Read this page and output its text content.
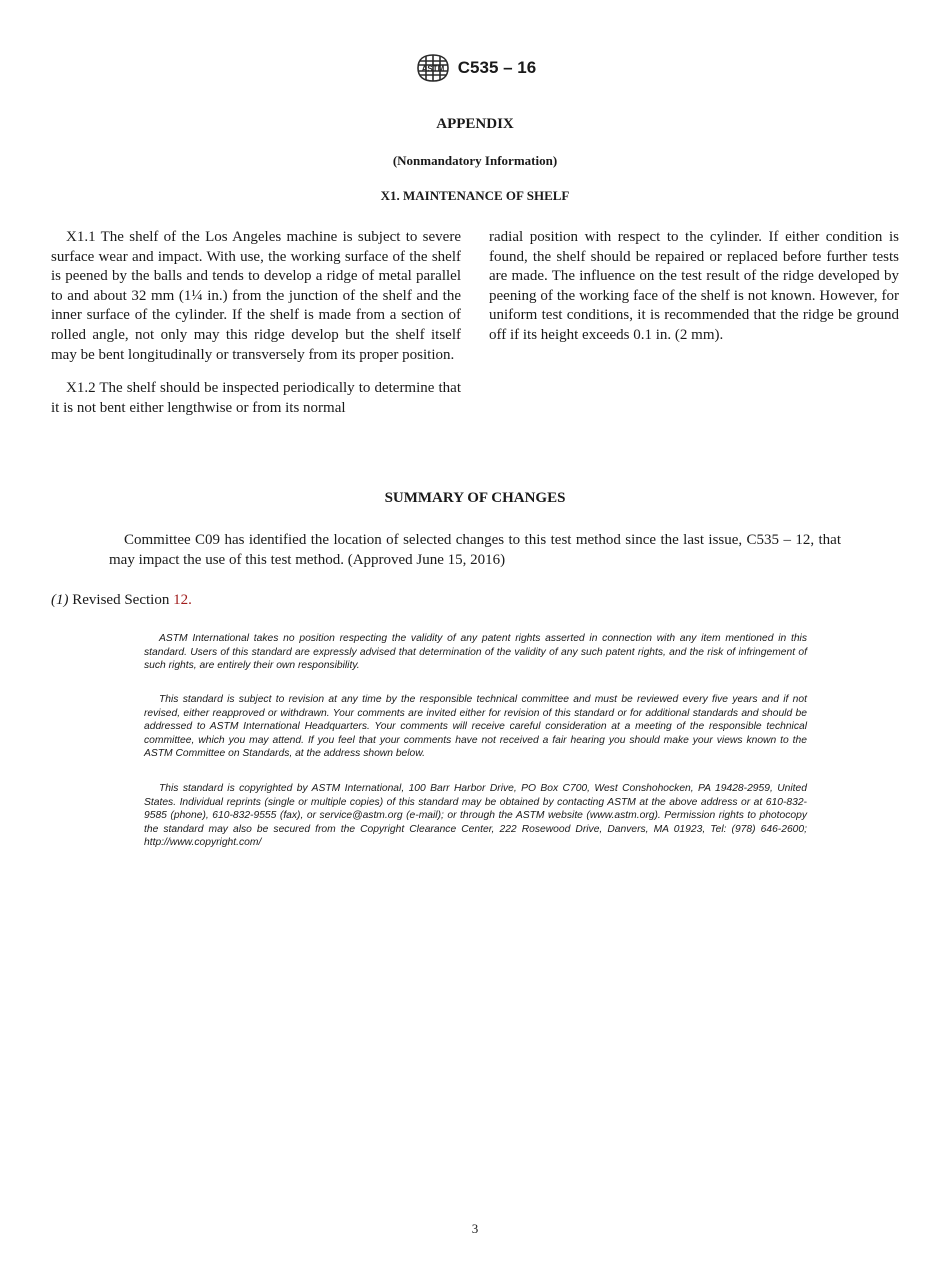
ASTM C535 – 16
APPENDIX
(Nonmandatory Information)
X1. MAINTENANCE OF SHELF

X1.1 The shelf of the Los Angeles machine is subject to severe surface wear and impact. With use, the working surface of the shelf is peened by the balls and tends to develop a ridge of metal parallel to and about 32 mm (1¼ in.) from the junction of the shelf and the inner surface of the cylinder. If the shelf is made from a section of rolled angle, not only may this ridge develop but the shelf itself may be bent longitudinally or transversely from its proper position.

X1.2 The shelf should be inspected periodically to determine that it is not bent either lengthwise or from its normal

radial position with respect to the cylinder. If either condition is found, the shelf should be repaired or replaced before further tests are made. The influence on the test result of the ridge developed by peening of the working face of the shelf is not known. However, for uniform test conditions, it is recommended that the ridge be ground off if its height exceeds 0.1 in. (2 mm).

SUMMARY OF CHANGES
Committee C09 has identified the location of selected changes to this test method since the last issue, C535 – 12, that may impact the use of this test method. (Approved June 15, 2016)
(1) Revised Section 12.
ASTM International takes no position respecting the validity of any patent rights asserted in connection with any item mentioned in this standard. Users of this standard are expressly advised that determination of the validity of any such patent rights, and the risk of infringement of such rights, are entirely their own responsibility.
This standard is subject to revision at any time by the responsible technical committee and must be reviewed every five years and if not revised, either reapproved or withdrawn. Your comments are invited either for revision of this standard or for additional standards and should be addressed to ASTM International Headquarters. Your comments will receive careful consideration at a meeting of the responsible technical committee, which you may attend. If you feel that your comments have not received a fair hearing you should make your views known to the ASTM Committee on Standards, at the address shown below.
This standard is copyrighted by ASTM International, 100 Barr Harbor Drive, PO Box C700, West Conshohocken, PA 19428-2959, United States. Individual reprints (single or multiple copies) of this standard may be obtained by contacting ASTM at the above address or at 610-832-9585 (phone), 610-832-9555 (fax), or service@astm.org (e-mail); or through the ASTM website (www.astm.org). Permission rights to photocopy the standard may also be secured from the Copyright Clearance Center, 222 Rosewood Drive, Danvers, MA 01923, Tel: (978) 646-2600; http://www.copyright.com/
3
